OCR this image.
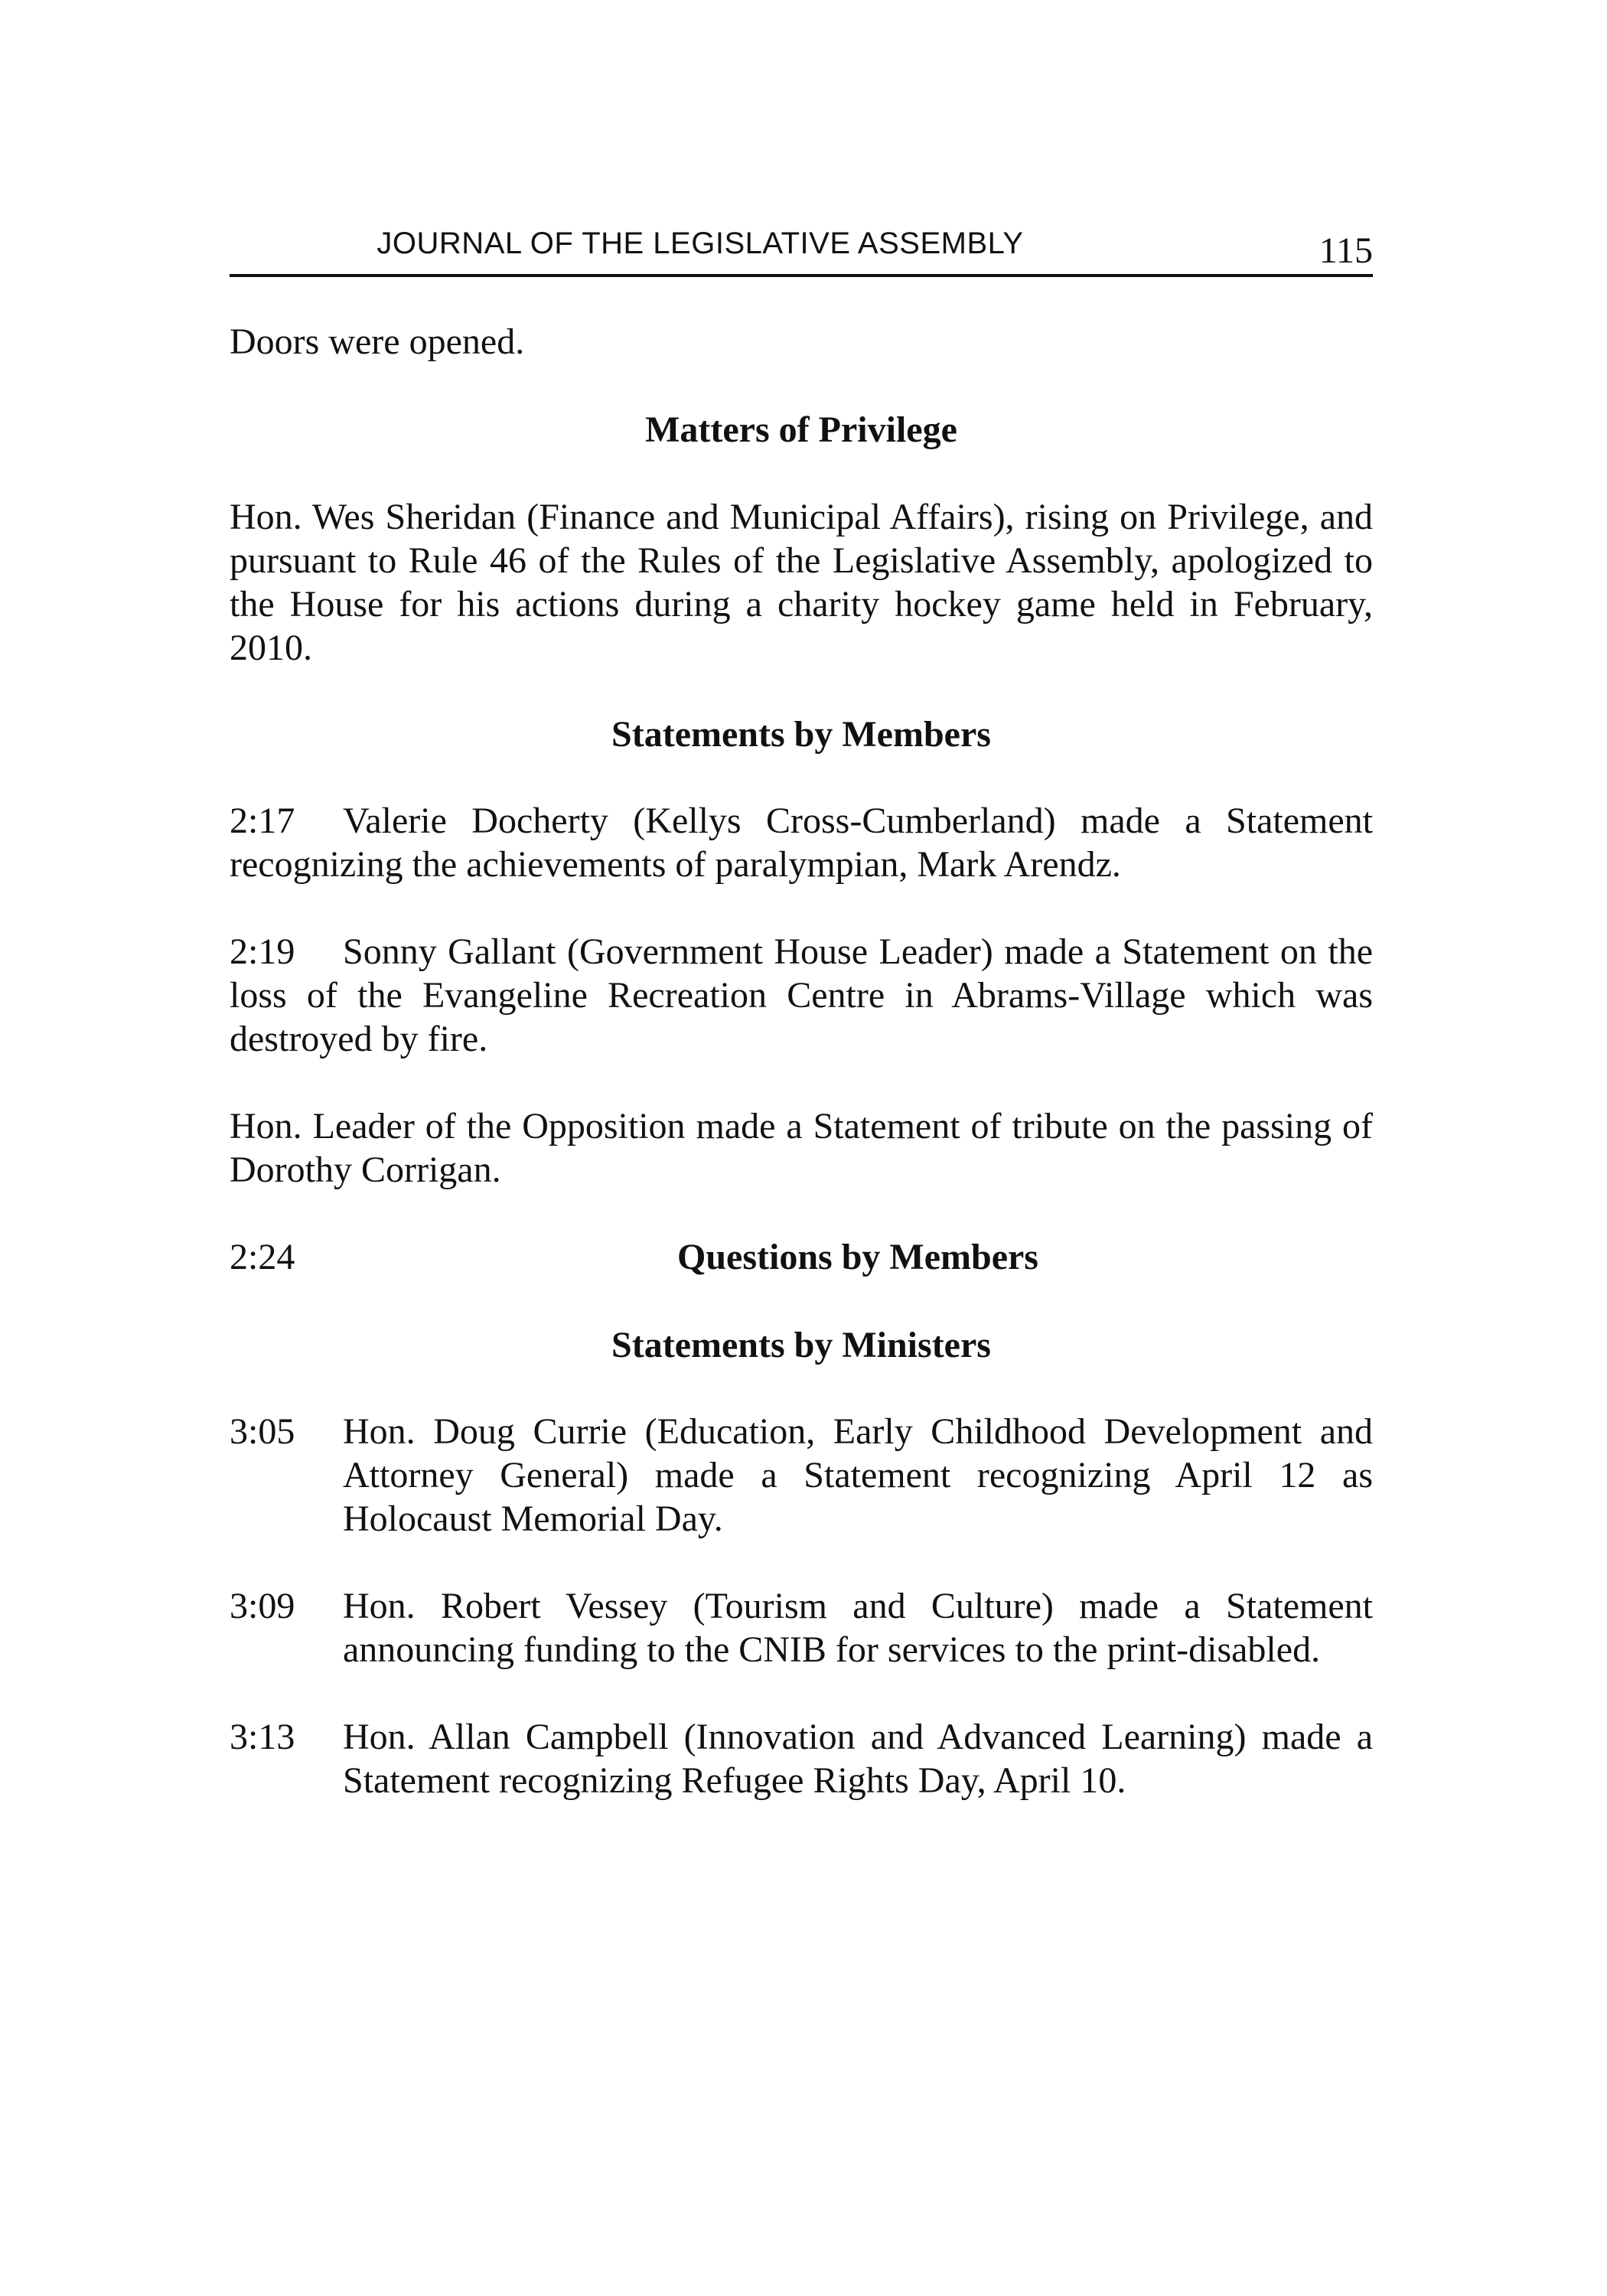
JOURNAL OF THE LEGISLATIVE ASSEMBLY	115

Doors were opened.

Matters of Privilege

Hon. Wes Sheridan (Finance and Municipal Affairs), rising on Privilege, and pursuant to Rule 46 of the Rules of the Legislative Assembly, apologized to the House for his actions during a charity hockey game held in February, 2010.

Statements by Members

2:17 Valerie Docherty (Kellys Cross-Cumberland) made a Statement recognizing the achievements of paralympian, Mark Arendz.

2:19 Sonny Gallant (Government House Leader) made a Statement on the loss of the Evangeline Recreation Centre in Abrams-Village which was destroyed by fire.

Hon. Leader of the Opposition made a Statement of tribute on the passing of Dorothy Corrigan.

2:24	Questions by Members
Statements by Ministers
3:05	Hon. Doug Currie (Education, Early Childhood Development and Attorney General) made a Statement recognizing April 12 as Holocaust Memorial Day.
3:09	Hon. Robert Vessey (Tourism and Culture) made a Statement announcing funding to the CNIB for services to the print-disabled.
3:13	Hon. Allan Campbell (Innovation and Advanced Learning) made a Statement recognizing Refugee Rights Day, April 10.
